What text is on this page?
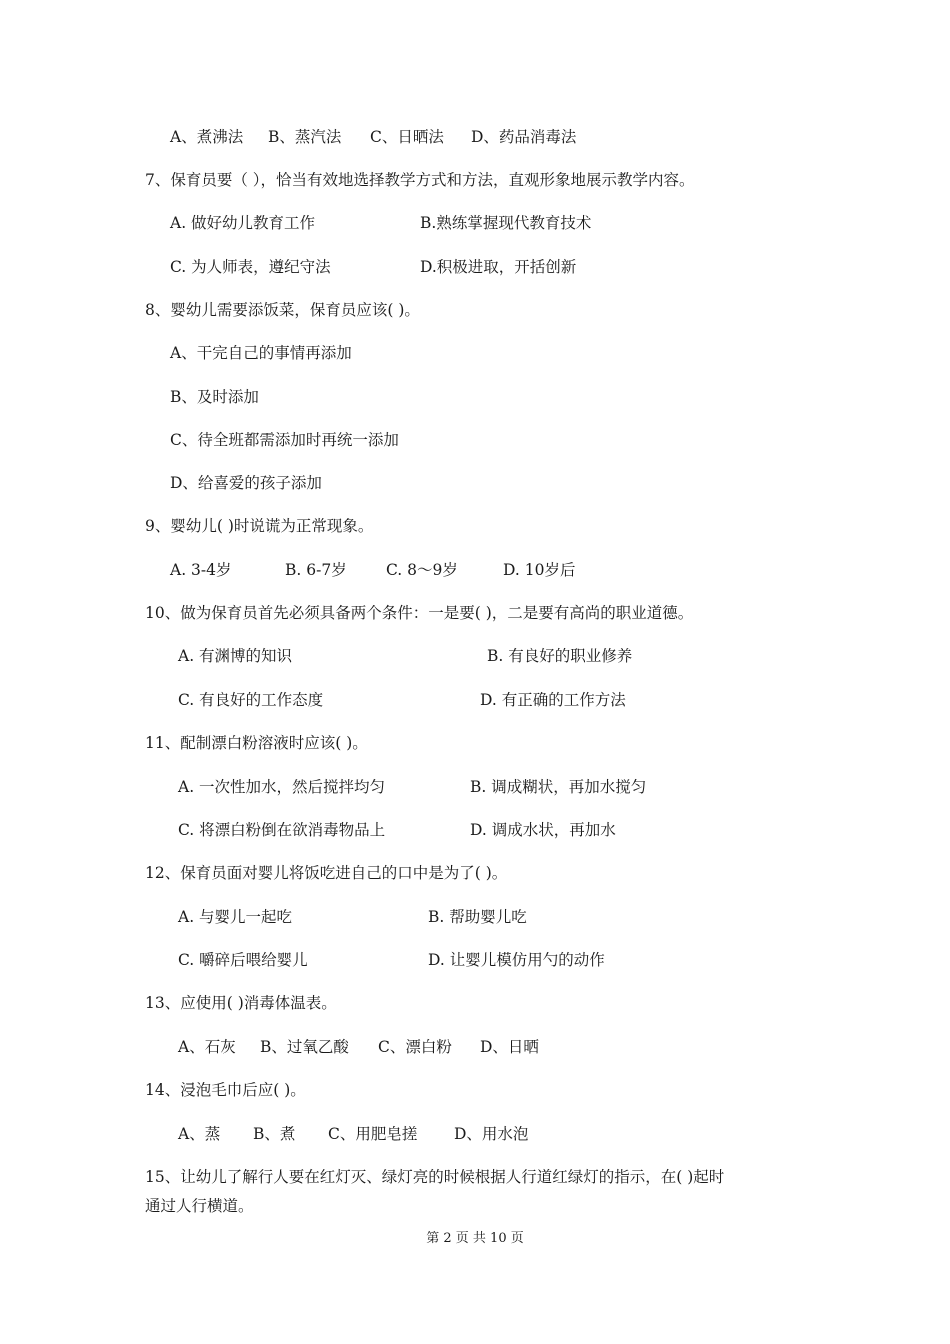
A、煮沸法 B、蒸汽法 C、日晒法 D、药品消毒法
7、保育员要（ ），恰当有效地选择教学方式和方法，直观形象地展示教学内容。
A. 做好幼儿教育工作	B.熟练掌握现代教育技术
C. 为人师表，遵纪守法	D.积极进取，开括创新
8、婴幼儿需要添饭菜，保育员应该( )。
A、干完自己的事情再添加
B、及时添加
C、待全班都需添加时再统一添加
D、给喜爱的孩子添加
9、婴幼儿( )时说谎为正常现象。
A. 3-4岁	B. 6-7岁	C. 8～9岁	D. 10岁后
10、做为保育员首先必须具备两个条件：一是要( )，二是要有高尚的职业道德。
A. 有渊博的知识	B. 有良好的职业修养
C. 有良好的工作态度	D. 有正确的工作方法
11、配制漂白粉溶液时应该( )。
A. 一次性加水，然后搅拌均匀	B. 调成糊状，再加水搅匀
C. 将漂白粉倒在欲消毒物品上	D. 调成水状，再加水
12、保育员面对婴儿将饭吃进自己的口中是为了( )。
A. 与婴儿一起吃	B. 帮助婴儿吃
C. 嚼碎后喂给婴儿	D. 让婴儿模仿用勺的动作
13、应使用( )消毒体温表。
A、石灰 B、过氧乙酸 C、漂白粉 D、日晒
14、浸泡毛巾后应( )。
A、蒸 B、煮 C、用肥皂搓 D、用水泡
15、让幼儿了解行人要在红灯灭、绿灯亮的时候根据人行道红绿灯的指示，在( )起时
通过人行横道。
第 2 页 共 10 页
